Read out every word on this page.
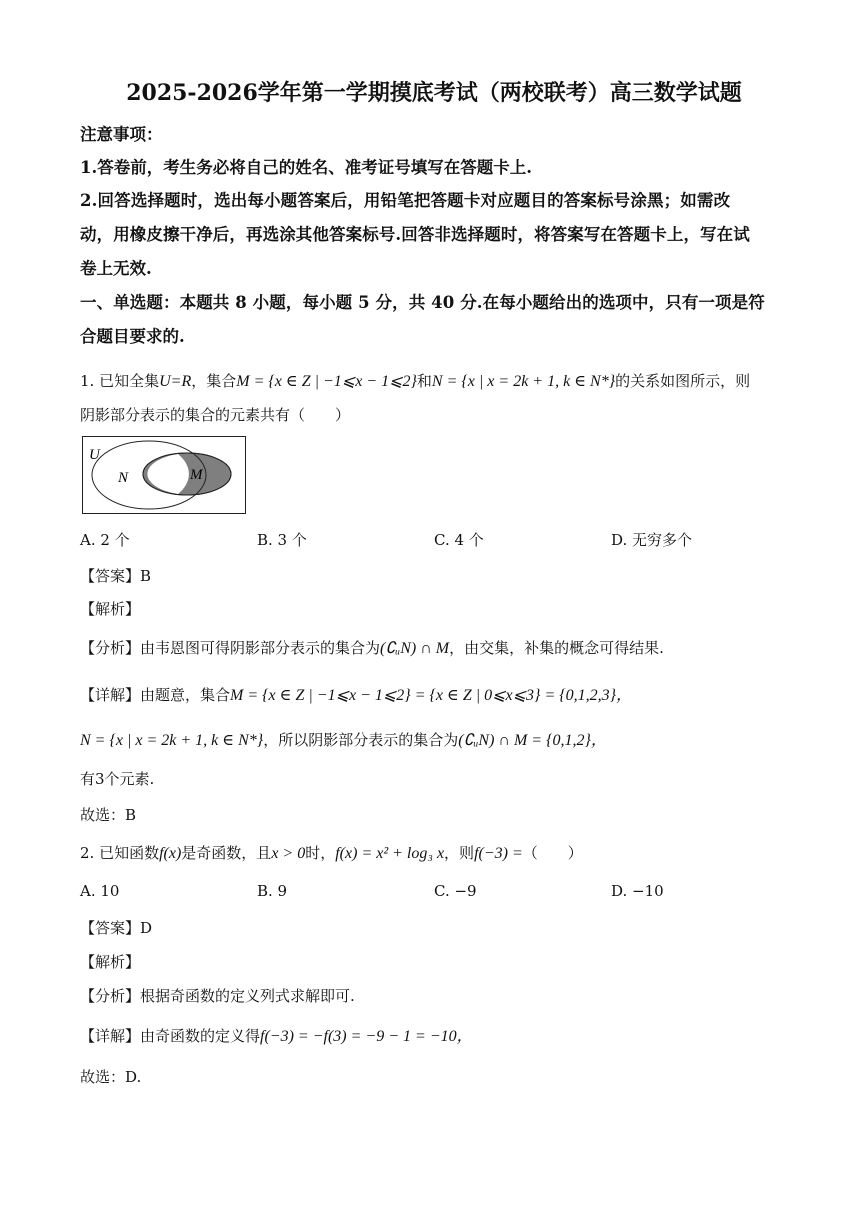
2025-2026学年第一学期摸底考试（两校联考）高三数学试题
注意事项：
1.答卷前，考生务必将自己的姓名、准考证号填写在答题卡上.
2.回答选择题时，选出每小题答案后，用铅笔把答题卡对应题目的答案标号涂黑；如需改
动，用橡皮擦干净后，再选涂其他答案标号.回答非选择题时，将答案写在答题卡上，写在试
卷上无效.
一、单选题：本题共 8 小题，每小题 5 分，共 40 分.在每小题给出的选项中，只有一项是符
合题目要求的.
1. 已知全集U=R，集合M = {x ∈ Z | −1⩽x − 1⩽2}和N = {x | x = 2k + 1, k ∈ N*}的关系如图所示，则
阴影部分表示的集合的元素共有（　　）
U
N	M
A. 2 个	B. 3 个	C. 4 个	D. 无穷多个
【答案】B
【解析】
【分析】由韦恩图可得阴影部分表示的集合为(∁ᵤN) ∩ M，由交集，补集的概念可得结果.
【详解】由题意，集合M = {x ∈ Z | −1⩽x − 1⩽2} = {x ∈ Z | 0⩽x⩽3} = {0,1,2,3}，
N = {x | x = 2k + 1, k ∈ N*}，所以阴影部分表示的集合为(∁ᵤN) ∩ M = {0,1,2}，
有3个元素.
故选：B
2. 已知函数f(x)是奇函数，且x > 0时，f(x) = x² + log₃ x，则f(−3) =（　　）
A. 10	B. 9	C. −9	D. −10
【答案】D
【解析】
【分析】根据奇函数的定义列式求解即可.
【详解】由奇函数的定义得f(−3) = −f(3) = −9 − 1 = −10，
故选：D.
